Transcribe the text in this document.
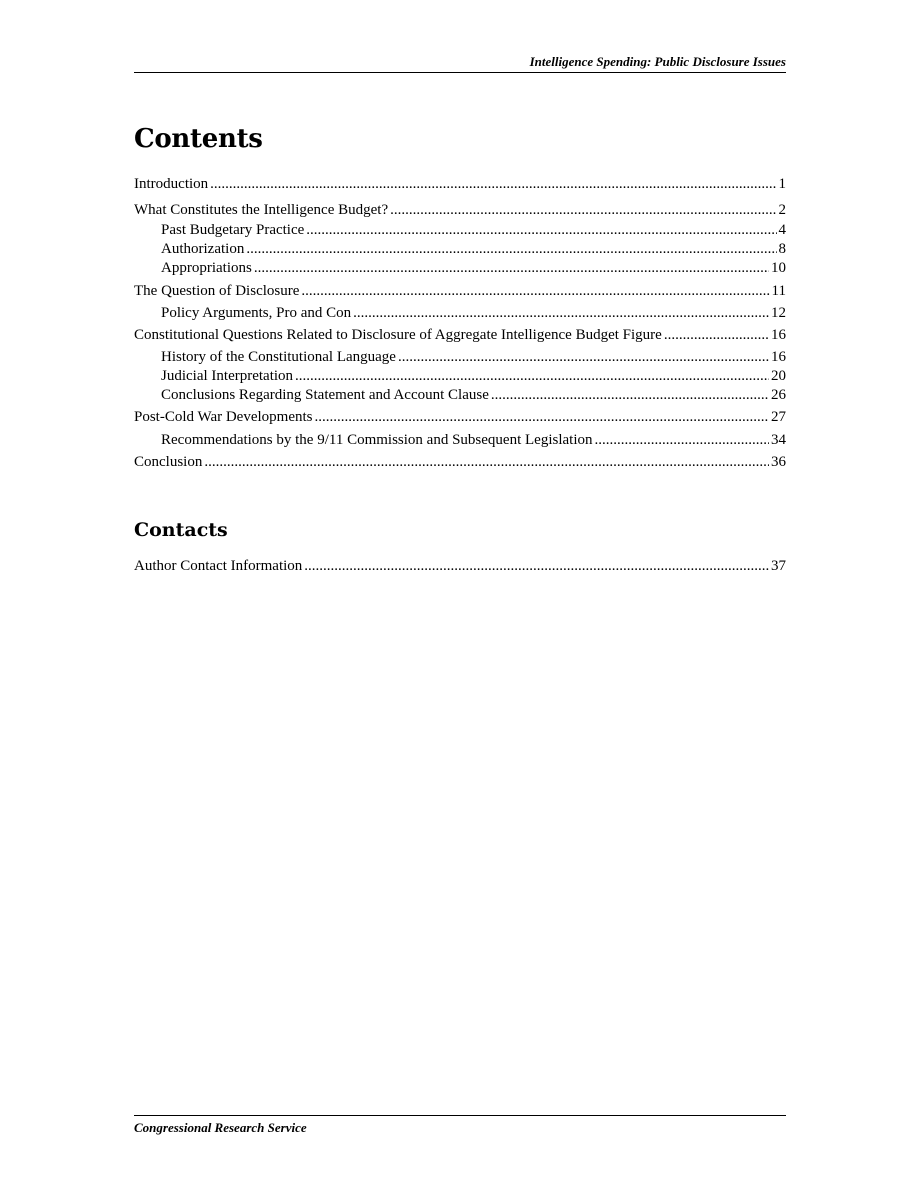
Intelligence Spending: Public Disclosure Issues
Contents
Introduction .....	1
What Constitutes the Intelligence Budget? .....	2
Past Budgetary Practice .....	4
Authorization .....	8
Appropriations .....	10
The Question of Disclosure .....	11
Policy Arguments, Pro and Con .....	12
Constitutional Questions Related to Disclosure of Aggregate Intelligence Budget Figure .....	16
History of the Constitutional Language .....	16
Judicial Interpretation .....	20
Conclusions Regarding Statement and Account Clause .....	26
Post-Cold War Developments .....	27
Recommendations by the 9/11 Commission and Subsequent Legislation .....	34
Conclusion .....	36
Contacts
Author Contact Information .....	37
Congressional Research Service
